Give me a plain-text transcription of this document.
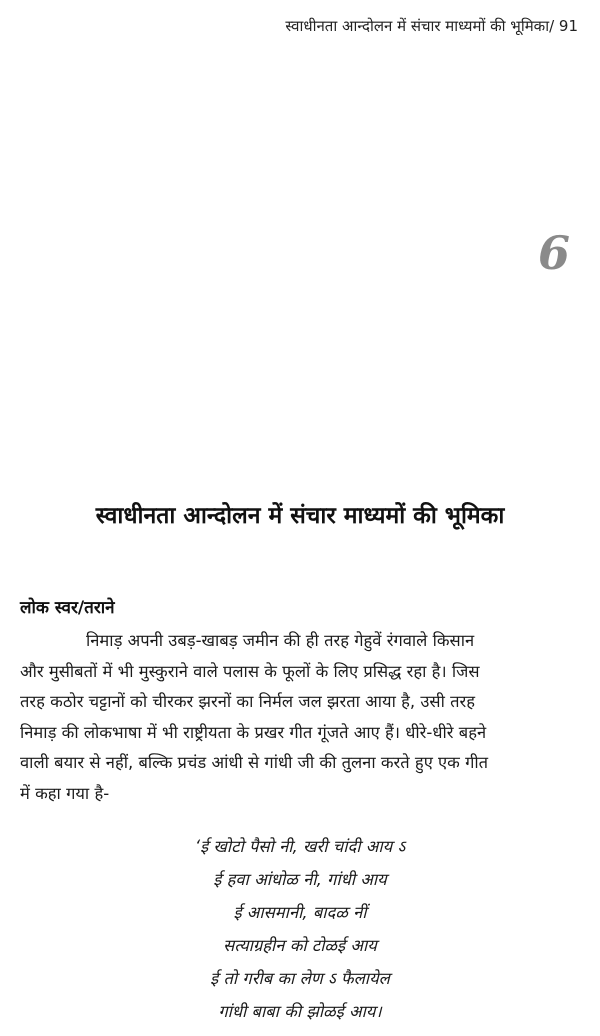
स्वाधीनता आन्दोलन में संचार माध्यमों की भूमिका/ 91
6
स्वाधीनता आन्दोलन में संचार माध्यमों की भूमिका
लोक स्वर/तराने
निमाड़ अपनी उबड़-खाबड़ जमीन की ही तरह गेहुवें रंगवाले किसान
और मुसीबतों में भी मुस्कुराने वाले पलास के फूलों के लिए प्रसिद्ध रहा है। जिस
तरह कठोर चट्टानों को चीरकर झरनों का निर्मल जल झरता आया है, उसी तरह
निमाड़ की लोकभाषा में भी राष्ट्रीयता के प्रखर गीत गूंजते आए हैं। धीरे-धीरे बहने
वाली बयार से नहीं, बल्कि प्रचंड आंधी से गांधी जी की तुलना करते हुए एक गीत
में कहा गया है-
‘ई खोटो पैसो नी, खरी चांदी आय ऽ
ई हवा आंधोळ नी, गांधी आय
ई आसमानी, बादळ नीं
सत्याग्रहीन को टोळई आय
ई तो गरीब का लेण ऽ फैलायेल
गांधी बाबा की झोळई आय।
